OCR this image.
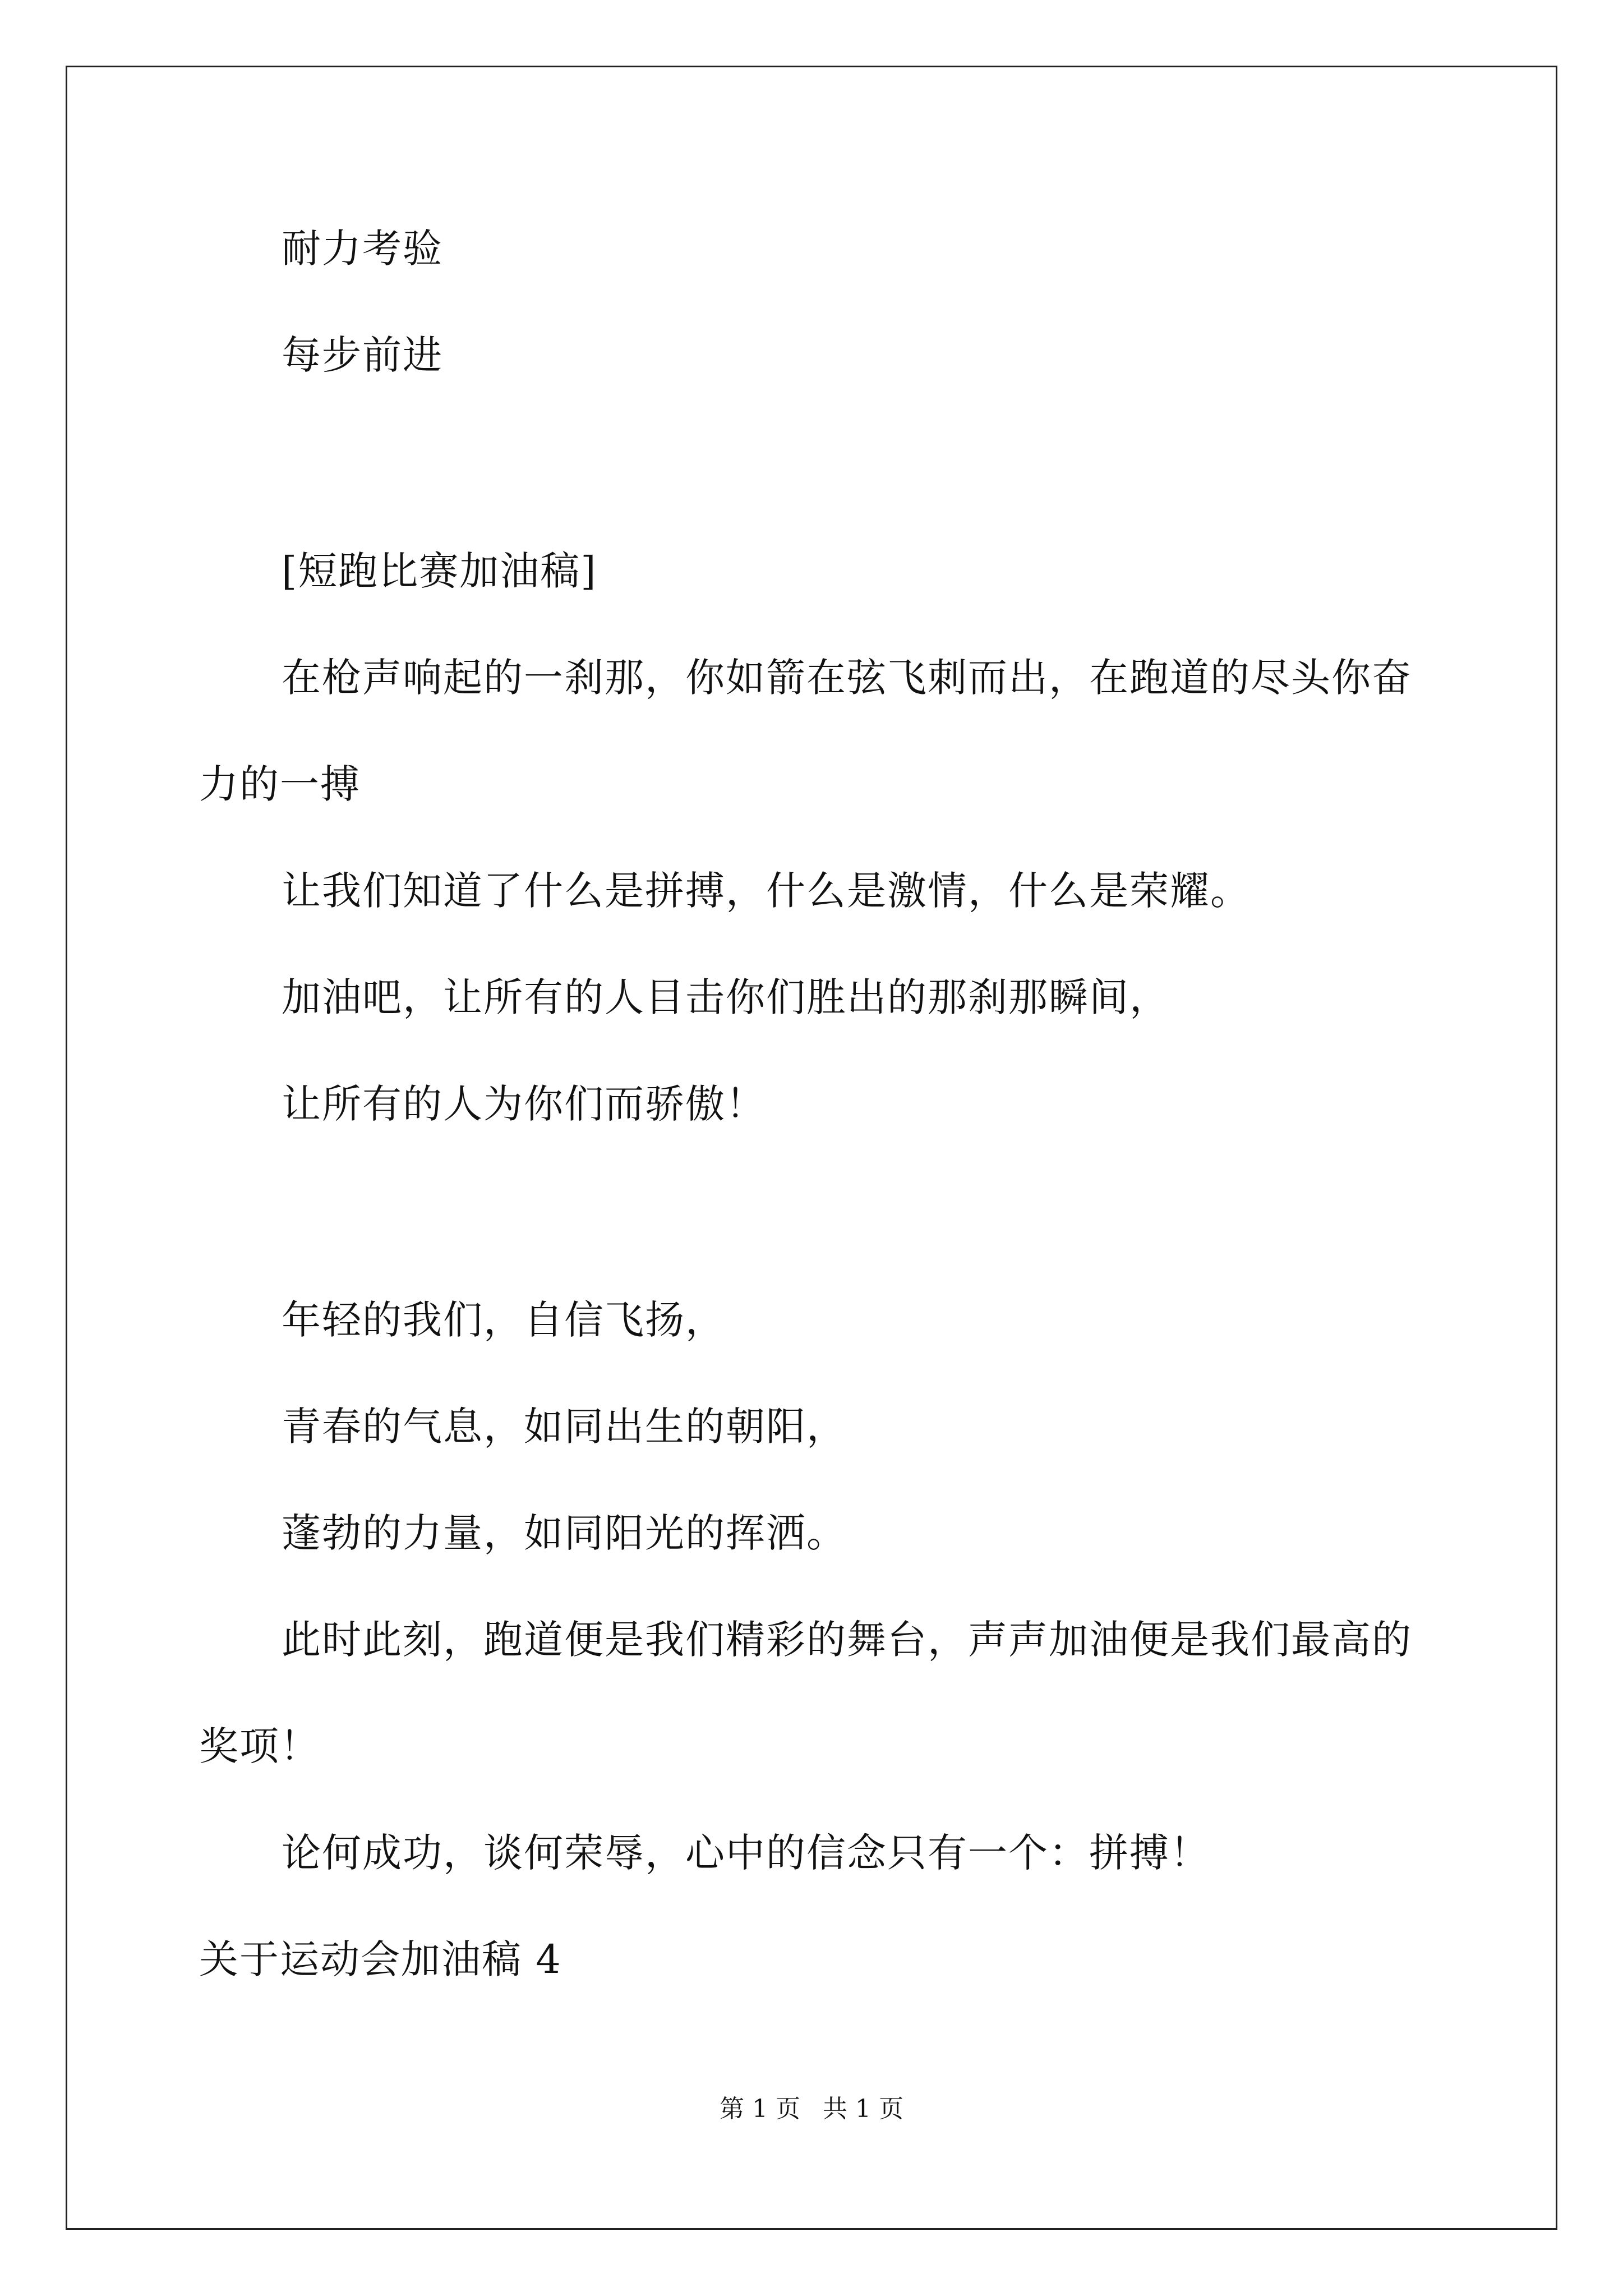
耐力考验
每步前进
[短跑比赛加油稿]
在枪声响起的一刹那，你如箭在弦飞刺而出，在跑道的尽头你奋
力的一搏
让我们知道了什么是拼搏，什么是激情，什么是荣耀。
加油吧，让所有的人目击你们胜出的那刹那瞬间，
让所有的人为你们而骄傲！
年轻的我们，自信飞扬，
青春的气息，如同出生的朝阳，
蓬勃的力量，如同阳光的挥洒。
此时此刻，跑道便是我们精彩的舞台，声声加油便是我们最高的
奖项！
论何成功，谈何荣辱，心中的信念只有一个：拼搏！
关于运动会加油稿 4
第 1 页 共 1 页
